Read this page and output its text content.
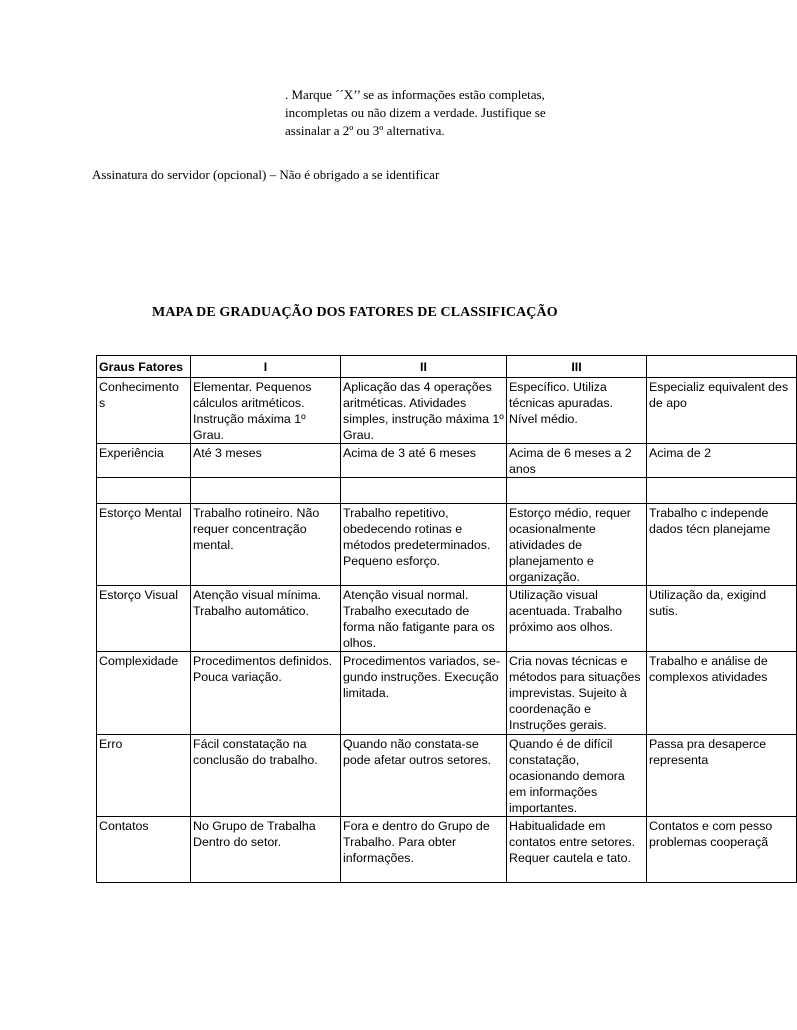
. Marque ´´X’’ se as informações estão completas,
incompletas ou não dizem a verdade. Justifique se
assinalar a 2º ou 3º alternativa.
Assinatura do servidor (opcional) – Não é obrigado a se identificar
MAPA DE GRADUAÇÃO DOS FATORES DE CLASSIFICAÇÃO
Graus Fatores	I	II	III	
Conhecimento s	Elementar. Pequenos cálculos aritméticos. Instrução máxima 1º Grau.	Aplicação das 4 operações aritméticas. Atividades simples, instrução máxima 1º Grau.	Específico. Utiliza técnicas apuradas. Nível médio.	Especializ equivalent des de apo
Experiência	Até 3 meses	Acima de 3 até 6 meses	Acima de 6 meses a 2 anos	Acima de 2

Estorço Mental	Trabalho rotineiro. Não requer concentração mental.	Trabalho repetitivo, obedecendo rotinas e métodos predeterminados. Pequeno esforço.	Estorço médio, requer ocasionalmente atividades de planejamento e organização.	Trabalho c independe dados técn planejame
Estorço Visual	Atenção visual mínima. Trabalho automático.	Atenção visual normal. Trabalho executado de forma não fatigante para os olhos.	Utilização visual acentuada. Trabalho próximo aos olhos.	Utilização da, exigind sutis.
Complexidade	Procedimentos definidos. Pouca variação.	Procedimentos variados, se-gundo instruções. Execução limitada.	Cria novas técnicas e métodos para situações imprevistas. Sujeito à coordenação e Instruções gerais.	Trabalho e análise de complexos atividades
Erro	Fácil constatação na conclusão do trabalho.	Quando não constata-se pode afetar outros setores.	Quando é de difícil constatação, ocasionando demora em informações importantes.	Passa pra desaperce representa
Contatos	No Grupo de Trabalha Dentro do setor.	Fora e dentro do Grupo de Trabalho. Para obter informações.	Habitualidade em contatos entre setores. Requer cautela e tato.	Contatos e com pesso problemas cooperaçã
